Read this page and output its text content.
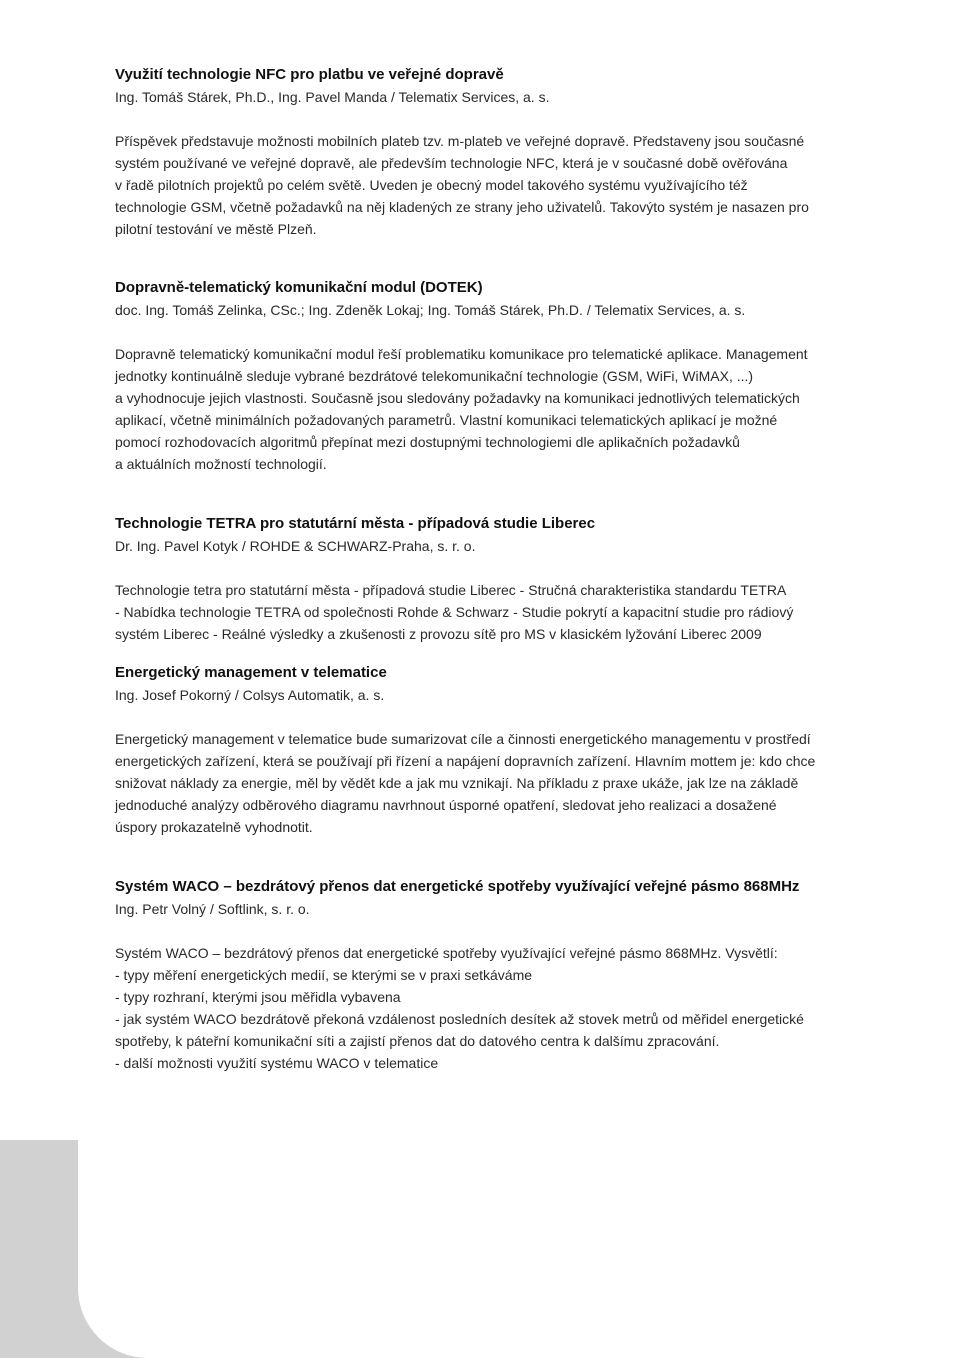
Využití technologie NFC pro platbu ve veřejné dopravě

Ing. Tomáš Stárek, Ph.D., Ing. Pavel Manda / Telematix Services, a. s.

Příspěvek představuje možnosti mobilních plateb tzv. m-plateb ve veřejné dopravě. Představeny jsou současné
systém používané ve veřejné dopravě, ale především technologie NFC, která je v současné době ověřována
v řadě pilotních projektů po celém světě. Uveden je obecný model takového systému využívajícího též
technologie GSM, včetně požadavků na něj kladených ze strany jeho uživatelů. Takovýto systém je nasazen pro
pilotní testování ve městě Plzeň.

Dopravně-telematický komunikační modul (DOTEK)

doc. Ing. Tomáš Zelinka, CSc.; Ing. Zdeněk Lokaj; Ing. Tomáš Stárek, Ph.D. / Telematix Services, a. s.

Dopravně telematický komunikační modul řeší problematiku komunikace pro telematické aplikace. Management
jednotky kontinuálně sleduje vybrané bezdrátové telekomunikační technologie (GSM, WiFi, WiMAX, ...)
a vyhodnocuje jejich vlastnosti. Současně jsou sledovány požadavky na komunikaci jednotlivých telematických
aplikací, včetně minimálních požadovaných parametrů. Vlastní komunikaci telematických aplikací je možné
pomocí rozhodovacích algoritmů přepínat mezi dostupnými technologiemi dle aplikačních požadavků
a aktuálních možností technologií.

Technologie TETRA pro statutární města - případová studie Liberec

Dr. Ing. Pavel Kotyk / ROHDE & SCHWARZ-Praha, s. r. o.

Technologie tetra pro statutární města - případová studie Liberec - Stručná charakteristika standardu TETRA
- Nabídka technologie TETRA od společnosti Rohde & Schwarz - Studie pokrytí a kapacitní studie pro rádiový
systém Liberec - Reálné výsledky a zkušenosti z provozu sítě pro MS v klasickém lyžování Liberec 2009

Energetický management v telematice

Ing. Josef Pokorný / Colsys Automatik, a. s.

Energetický management v telematice bude sumarizovat cíle a činnosti energetického managementu v prostředí
energetických zařízení, která se používají při řízení a napájení dopravních zařízení. Hlavním mottem je: kdo chce
snižovat náklady za energie, měl by vědět kde a jak mu vznikají. Na příkladu z praxe ukáže, jak lze na základě
jednoduché analýzy odběrového diagramu navrhnout úsporné opatření, sledovat jeho realizaci a dosažené
úspory prokazatelně vyhodnotit.

Systém WACO – bezdrátový přenos dat energetické spotřeby využívající veřejné pásmo 868MHz

Ing. Petr Volný / Softlink, s. r. o.

Systém WACO – bezdrátový přenos dat energetické spotřeby využívající veřejné pásmo 868MHz. Vysvětlí:
- typy měření energetických medií, se kterými se v praxi setkáváme
- typy rozhraní, kterými jsou měřidla vybavena
- jak systém WACO bezdrátově překoná vzdálenost posledních desítek až stovek metrů od měřidel energetické
spotřeby, k páteřní komunikační síti a zajistí přenos dat do datového centra k dalšímu zpracování.
- další možnosti využití systému WACO v telematice
